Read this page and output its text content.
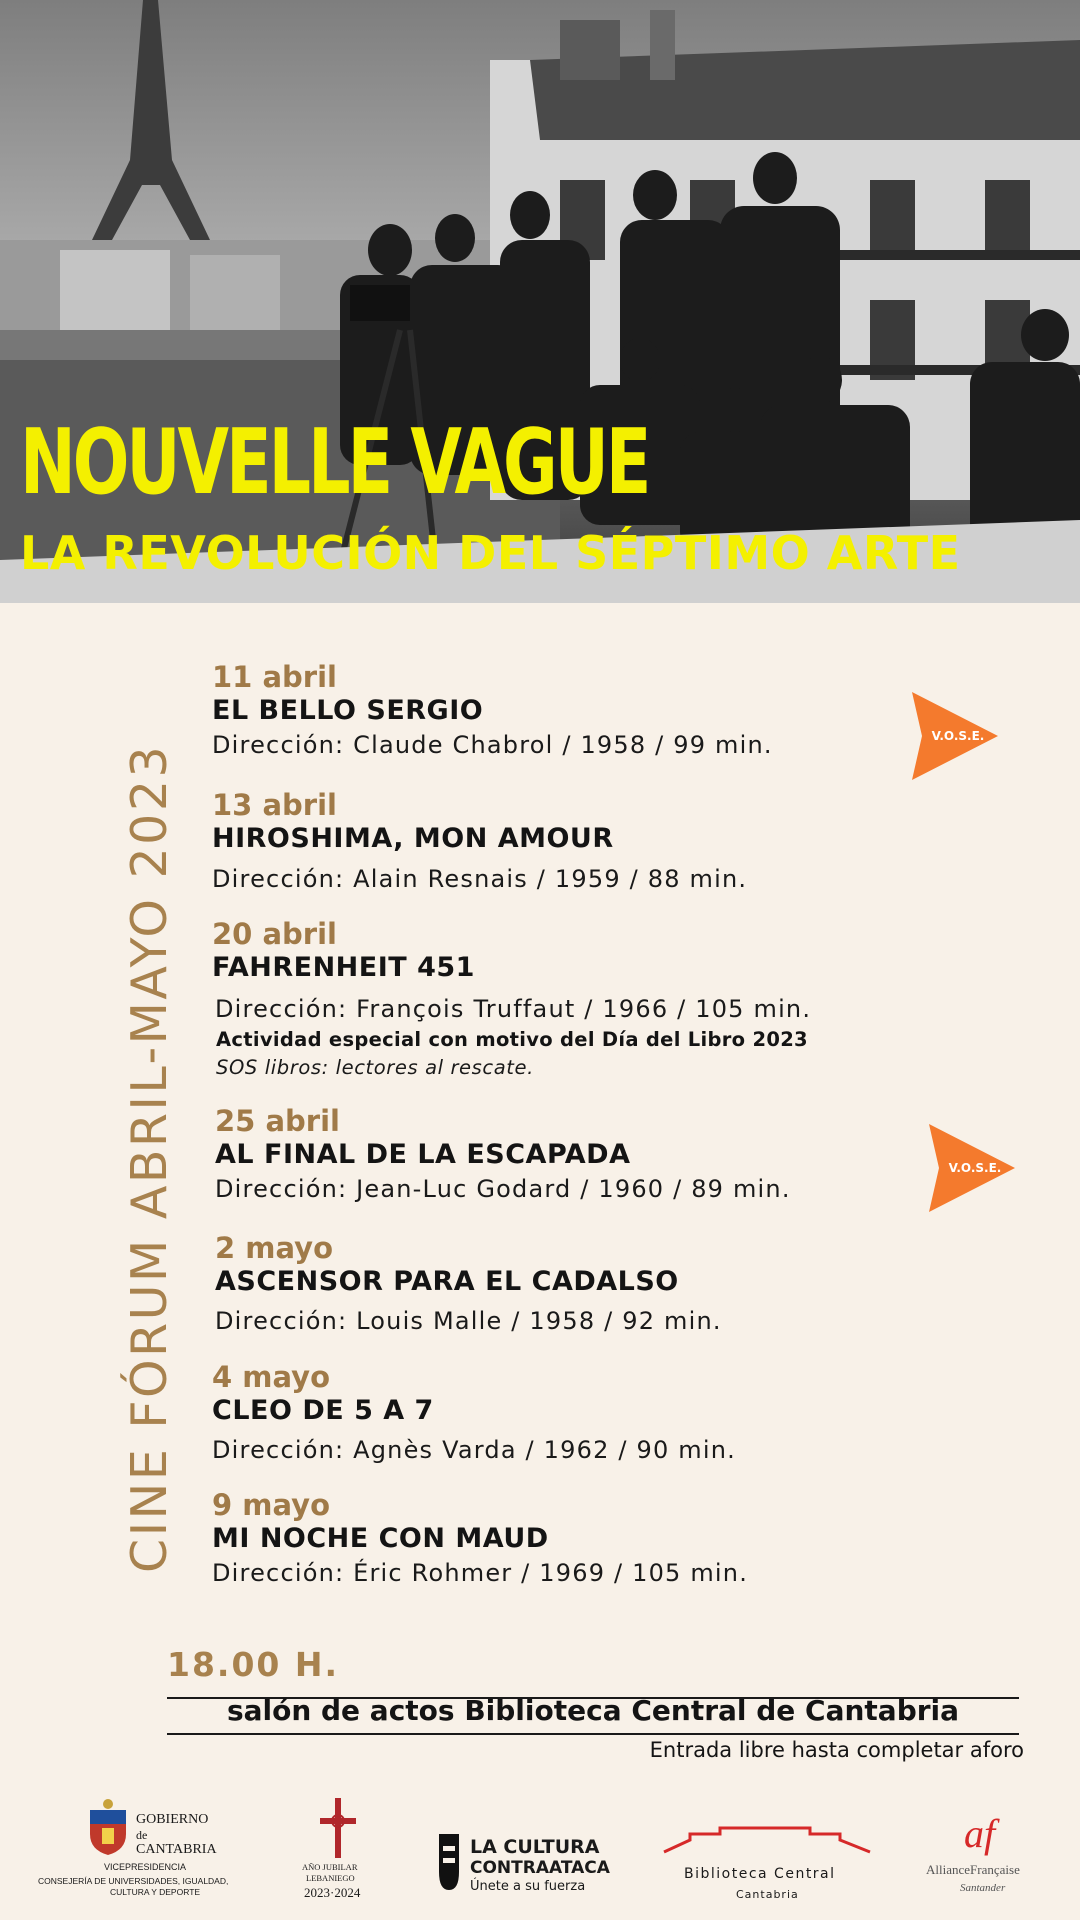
NOUVELLE VAGUE
LA REVOLUCIÓN DEL SÉPTIMO ARTE
CINE FÓRUM ABRIL-MAYO 2023
11 abril
EL BELLO SERGIO
Dirección: Claude Chabrol / 1958 / 99 min.
13 abril
HIROSHIMA, MON AMOUR
Dirección: Alain Resnais / 1959 / 88 min.
20 abril
FAHRENHEIT 451
Dirección: François Truffaut / 1966 / 105 min.
Actividad especial con motivo del Día del Libro 2023
SOS libros: lectores al rescate.
25 abril
AL FINAL DE LA ESCAPADA
Dirección: Jean-Luc Godard / 1960 / 89 min.
2 mayo
ASCENSOR PARA EL CADALSO
Dirección: Louis Malle / 1958 / 92 min.
4 mayo
CLEO DE 5 A 7
Dirección: Agnès Varda / 1962 / 90 min.
9 mayo
MI NOCHE CON MAUD
Dirección: Éric Rohmer / 1969 / 105 min.
V.O.S.E.
V.O.S.E.
18.00 H.
salón de actos Biblioteca Central de Cantabria
Entrada libre hasta completar aforo
GOBIERNO
de
CANTABRIA
VICEPRESIDENCIA
CONSEJERÍA DE UNIVERSIDADES, IGUALDAD,
CULTURA Y DEPORTE
AÑO JUBILAR
LEBANIEGO
2023·2024
LA CULTURA
CONTRAATACA
Únete a su fuerza
Biblioteca Central
Cantabria
af
AllianceFrançaise
Santander
